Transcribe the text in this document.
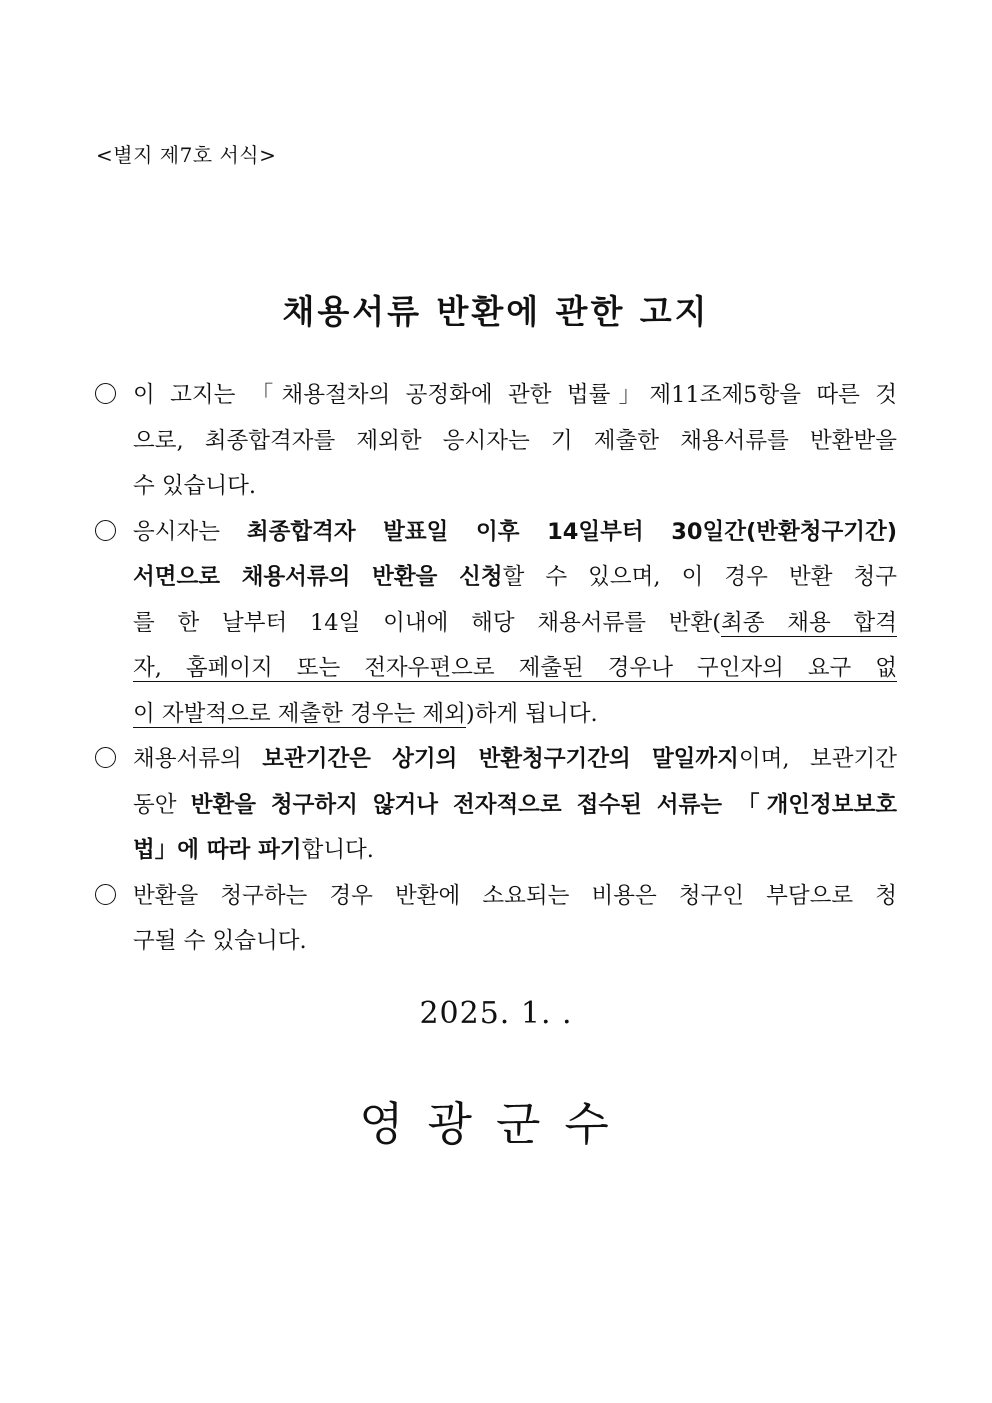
<별지 제7호 서식>
채용서류 반환에 관한 고지
이 고지는 「채용절차의 공정화에 관한 법률」제11조제5항을 따른 것
으로, 최종합격자를 제외한 응시자는 기 제출한 채용서류를 반환받을
수 있습니다.
응시자는 최종합격자 발표일 이후 14일부터 30일간(반환청구기간)
서면으로 채용서류의 반환을 신청할 수 있으며, 이 경우 반환 청구
를 한 날부터 14일 이내에 해당 채용서류를 반환(최종 채용 합격
자, 홈페이지 또는 전자우편으로 제출된 경우나 구인자의 요구 없
이 자발적으로 제출한 경우는 제외)하게 됩니다.
채용서류의 보관기간은 상기의 반환청구기간의 말일까지이며, 보관기간
동안 반환을 청구하지 않거나 전자적으로 접수된 서류는 「개인정보보호
법」에 따라 파기합니다.
반환을 청구하는 경우 반환에 소요되는 비용은 청구인 부담으로 청
구될 수 있습니다.
2025. 1. .
영광군수
